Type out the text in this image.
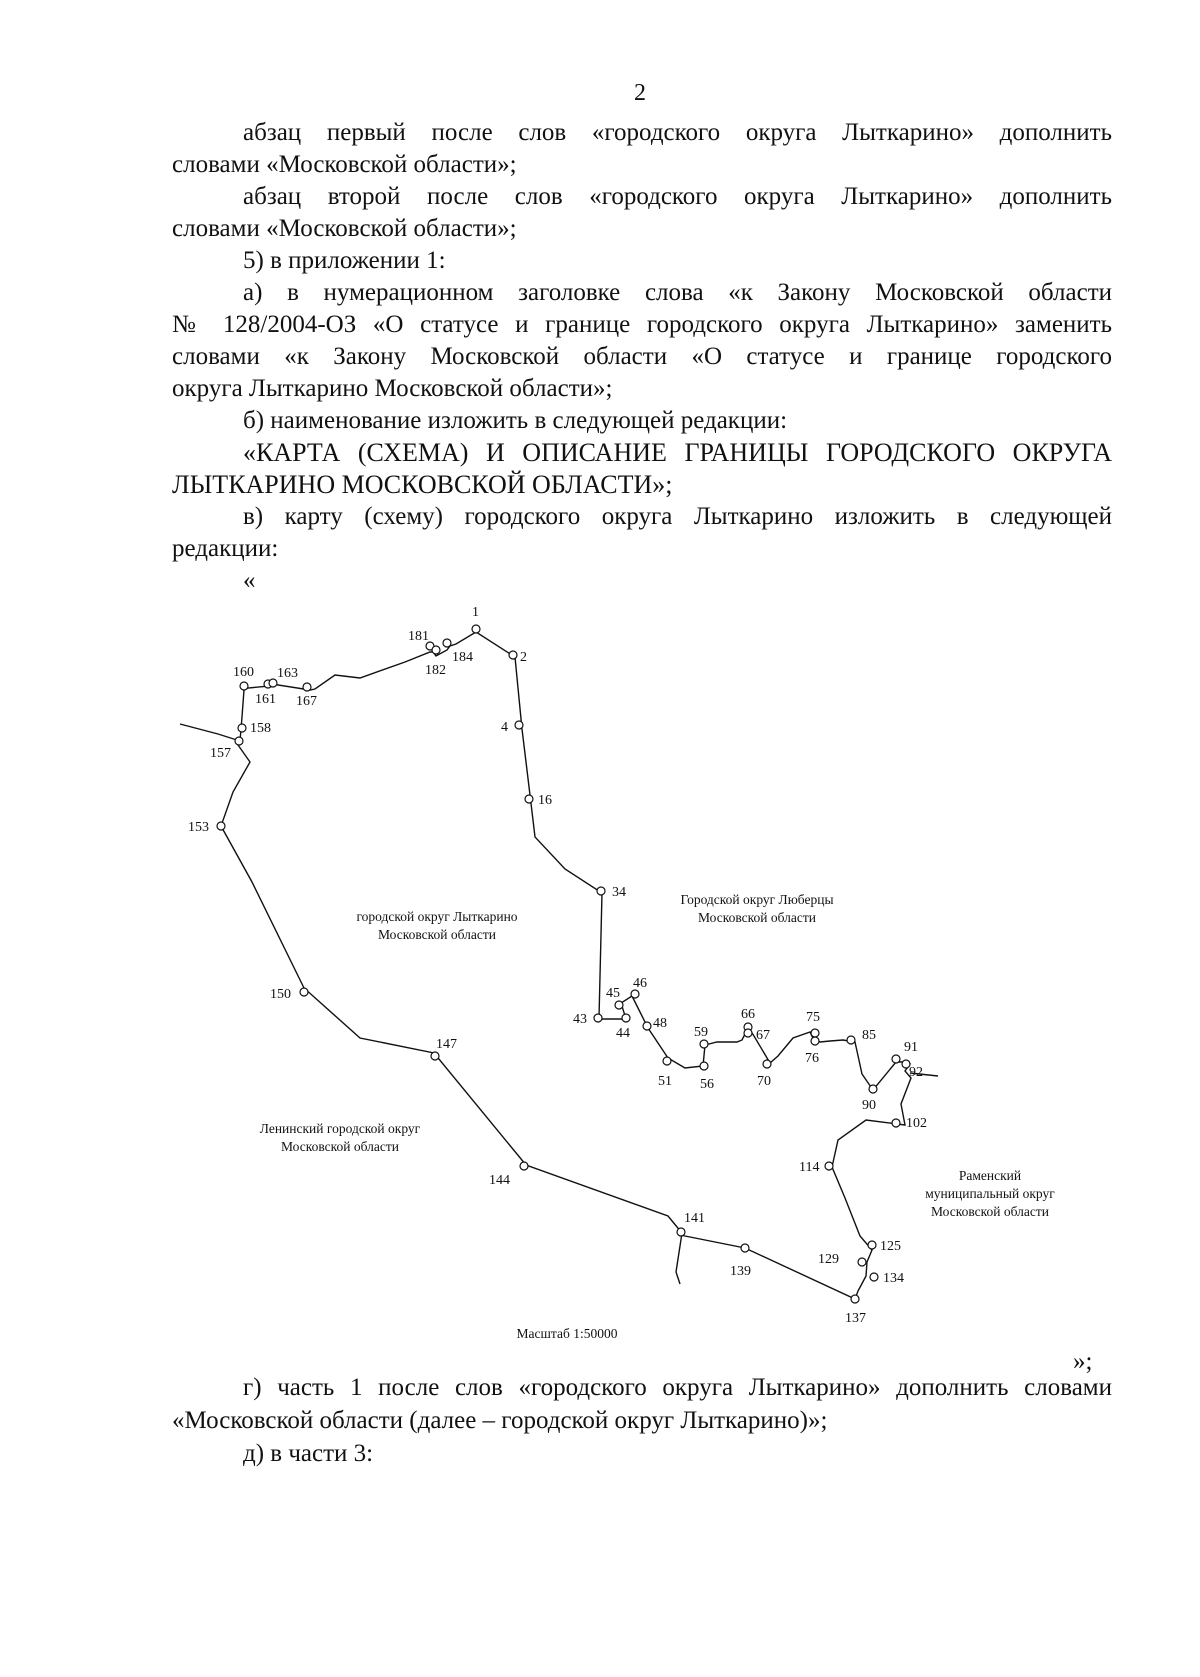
2

абзац первый после слов «городского округа Лыткарино» дополнить

словами «Московской области»;

абзац второй после слов «городского округа Лыткарино» дополнить

словами «Московской области»;

5) в приложении 1:

а) в нумерационном заголовке слова «к Закону Московской области

№ 128/2004-ОЗ «О статусе и границе городского округа Лыткарино» заменить

словами «к Закону Московской области «О статусе и границе городского

округа Лыткарино Московской области»;

б) наименование изложить в следующей редакции:

«КАРТА (СХЕМА) И ОПИСАНИЕ ГРАНИЦЫ ГОРОДСКОГО ОКРУГА

ЛЫТКАРИНО МОСКОВСКОЙ ОБЛАСТИ»;

в) карту (схему) городского округа Лыткарино изложить в следующей

редакции:

«

1
2
4
16
34
43
44
45
46
48
51 56
59
66
67
70
75
76
85
90
91
92
102
114
125
129
134
137
139
141
144
147
150
153
157
158
160
161
163
167
181
182
184
городской округ Лыткарино
Московской области
Городской округ Люберцы
Московской области
Ленинский городской округ
Московской области
Раменский
муниципальный округ
Московской области
Масштаб 1:50000
»;

г) часть 1 после слов «городского округа Лыткарино» дополнить словами

«Московской области (далее – городской округ Лыткарино)»;

д) в части 3:
